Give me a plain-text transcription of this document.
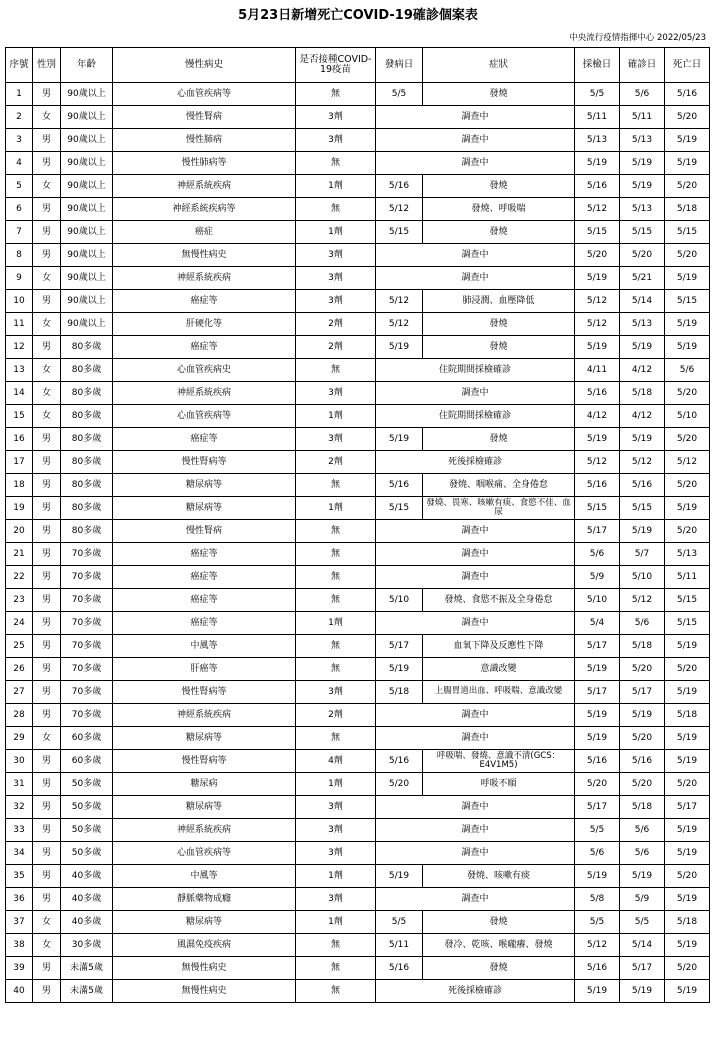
5月23日新增死亡COVID-19確診個案表
中央流行疫情指揮中心 2022/05/23
序號	性別	年齡	慢性病史	是否接種COVID-19疫苗	發病日	症狀	採檢日	確診日	死亡日
1	男	90歲以上	心血管疾病等	無	5/5	發燒	5/5	5/6	5/16
2	女	90歲以上	慢性腎病	3劑	調查中		5/11	5/11	5/20
3	男	90歲以上	慢性肺病	3劑	調查中		5/13	5/13	5/19
4	男	90歲以上	慢性肺病等	無	調查中		5/19	5/19	5/19
5	女	90歲以上	神經系統疾病	1劑	5/16	發燒	5/16	5/19	5/20
6	男	90歲以上	神經系統疾病等	無	5/12	發燒、呼吸喘	5/12	5/13	5/18
7	男	90歲以上	癌症	1劑	5/15	發燒	5/15	5/15	5/15
8	男	90歲以上	無慢性病史	3劑	調查中		5/20	5/20	5/20
9	女	90歲以上	神經系統疾病	3劑	調查中		5/19	5/21	5/19
10	男	90歲以上	癌症等	3劑	5/12	肺浸潤、血壓降低	5/12	5/14	5/15
11	女	90歲以上	肝硬化等	2劑	5/12	發燒	5/12	5/13	5/19
12	男	80多歲	癌症等	2劑	5/19	發燒	5/19	5/19	5/19
13	女	80多歲	心血管疾病史	無	住院期間採檢確診		4/11	4/12	5/6
14	女	80多歲	神經系統疾病	3劑	調查中		5/16	5/18	5/20
15	女	80多歲	心血管疾病等	1劑	住院期間採檢確診		4/12	4/12	5/10
16	男	80多歲	癌症等	3劑	5/19	發燒	5/19	5/19	5/20
17	男	80多歲	慢性腎病等	2劑	死後採檢確診		5/12	5/12	5/12
18	男	80多歲	糖尿病等	無	5/16	發燒、咽喉痛、全身倦怠	5/16	5/16	5/20
19	男	80多歲	糖尿病等	1劑	5/15	發燒、畏寒、咳嗽有痰、食慾不佳、血尿	5/15	5/15	5/19
20	男	80多歲	慢性腎病	無	調查中		5/17	5/19	5/20
21	男	70多歲	癌症等	無	調查中		5/6	5/7	5/13
22	男	70多歲	癌症等	無	調查中		5/9	5/10	5/11
23	男	70多歲	癌症等	無	5/10	發燒、食慾不振及全身倦怠	5/10	5/12	5/15
24	男	70多歲	癌症等	1劑	調查中		5/4	5/6	5/15
25	男	70多歲	中風等	無	5/17	血氧下降及反應性下降	5/17	5/18	5/19
26	男	70多歲	肝癌等	無	5/19	意識改變	5/19	5/20	5/20
27	男	70多歲	慢性腎病等	3劑	5/18	上腸胃道出血、呼吸喘、意識改變	5/17	5/17	5/19
28	男	70多歲	神經系統疾病	2劑	調查中		5/19	5/19	5/18
29	女	60多歲	糖尿病等	無	調查中		5/19	5/20	5/19
30	男	60多歲	慢性腎病等	4劑	5/16	呼吸喘、發燒、意識不清(GCS：E4V1M5)	5/16	5/16	5/19
31	男	50多歲	糖尿病	1劑	5/20	呼吸不順	5/20	5/20	5/20
32	男	50多歲	糖尿病等	3劑	調查中		5/17	5/18	5/17
33	男	50多歲	神經系統疾病	3劑	調查中		5/5	5/6	5/19
34	男	50多歲	心血管疾病等	3劑	調查中		5/6	5/6	5/19
35	男	40多歲	中風等	1劑	5/19	發燒、咳嗽有痰	5/19	5/19	5/20
36	男	40多歲	靜脈藥物成癮	3劑	調查中		5/8	5/9	5/19
37	女	40多歲	糖尿病等	1劑	5/5	發燒	5/5	5/5	5/18
38	女	30多歲	風濕免疫疾病	無	5/11	發冷、乾咳、喉嚨癢、發燒	5/12	5/14	5/19
39	男	未滿5歲	無慢性病史	無	5/16	發燒	5/16	5/17	5/20
40	男	未滿5歲	無慢性病史	無	死後採檢確診		5/19	5/19	5/19
